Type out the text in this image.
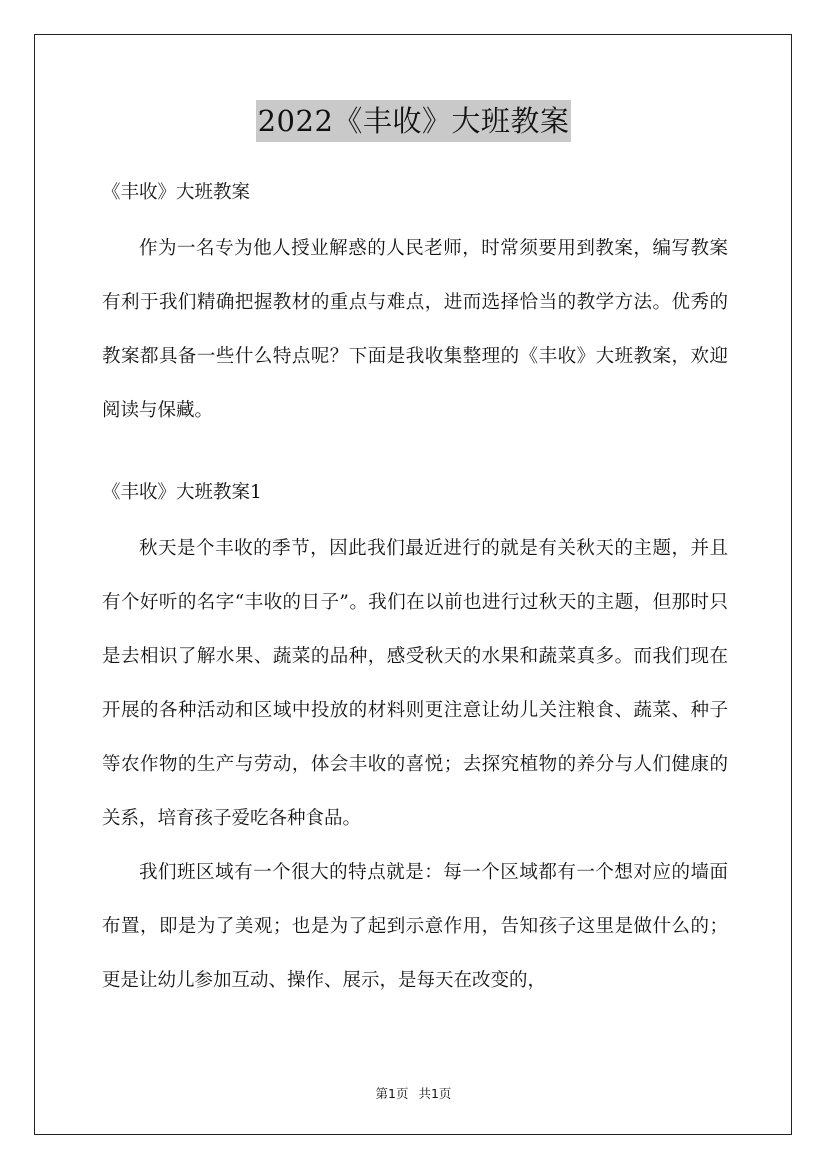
2022《丰收》大班教案

《丰收》大班教案

作为一名专为他人授业解惑的人民老师，时常须要用到教案，编写教案有利于我们精确把握教材的重点与难点，进而选择恰当的教学方法。优秀的教案都具备一些什么特点呢？下面是我收集整理的《丰收》大班教案，欢迎阅读与保藏。

《丰收》大班教案1

秋天是个丰收的季节，因此我们最近进行的就是有关秋天的主题，并且有个好听的名字“丰收的日子”。我们在以前也进行过秋天的主题，但那时只是去相识了解水果、蔬菜的品种，感受秋天的水果和蔬菜真多。而我们现在开展的各种活动和区域中投放的材料则更注意让幼儿关注粮食、蔬菜、种子等农作物的生产与劳动，体会丰收的喜悦；去探究植物的养分与人们健康的关系，培育孩子爱吃各种食品。

我们班区域有一个很大的特点就是：每一个区域都有一个想对应的墙面布置，即是为了美观；也是为了起到示意作用，告知孩子这里是做什么的；更是让幼儿参加互动、操作、展示，是每天在改变的，

第1页 共1页
